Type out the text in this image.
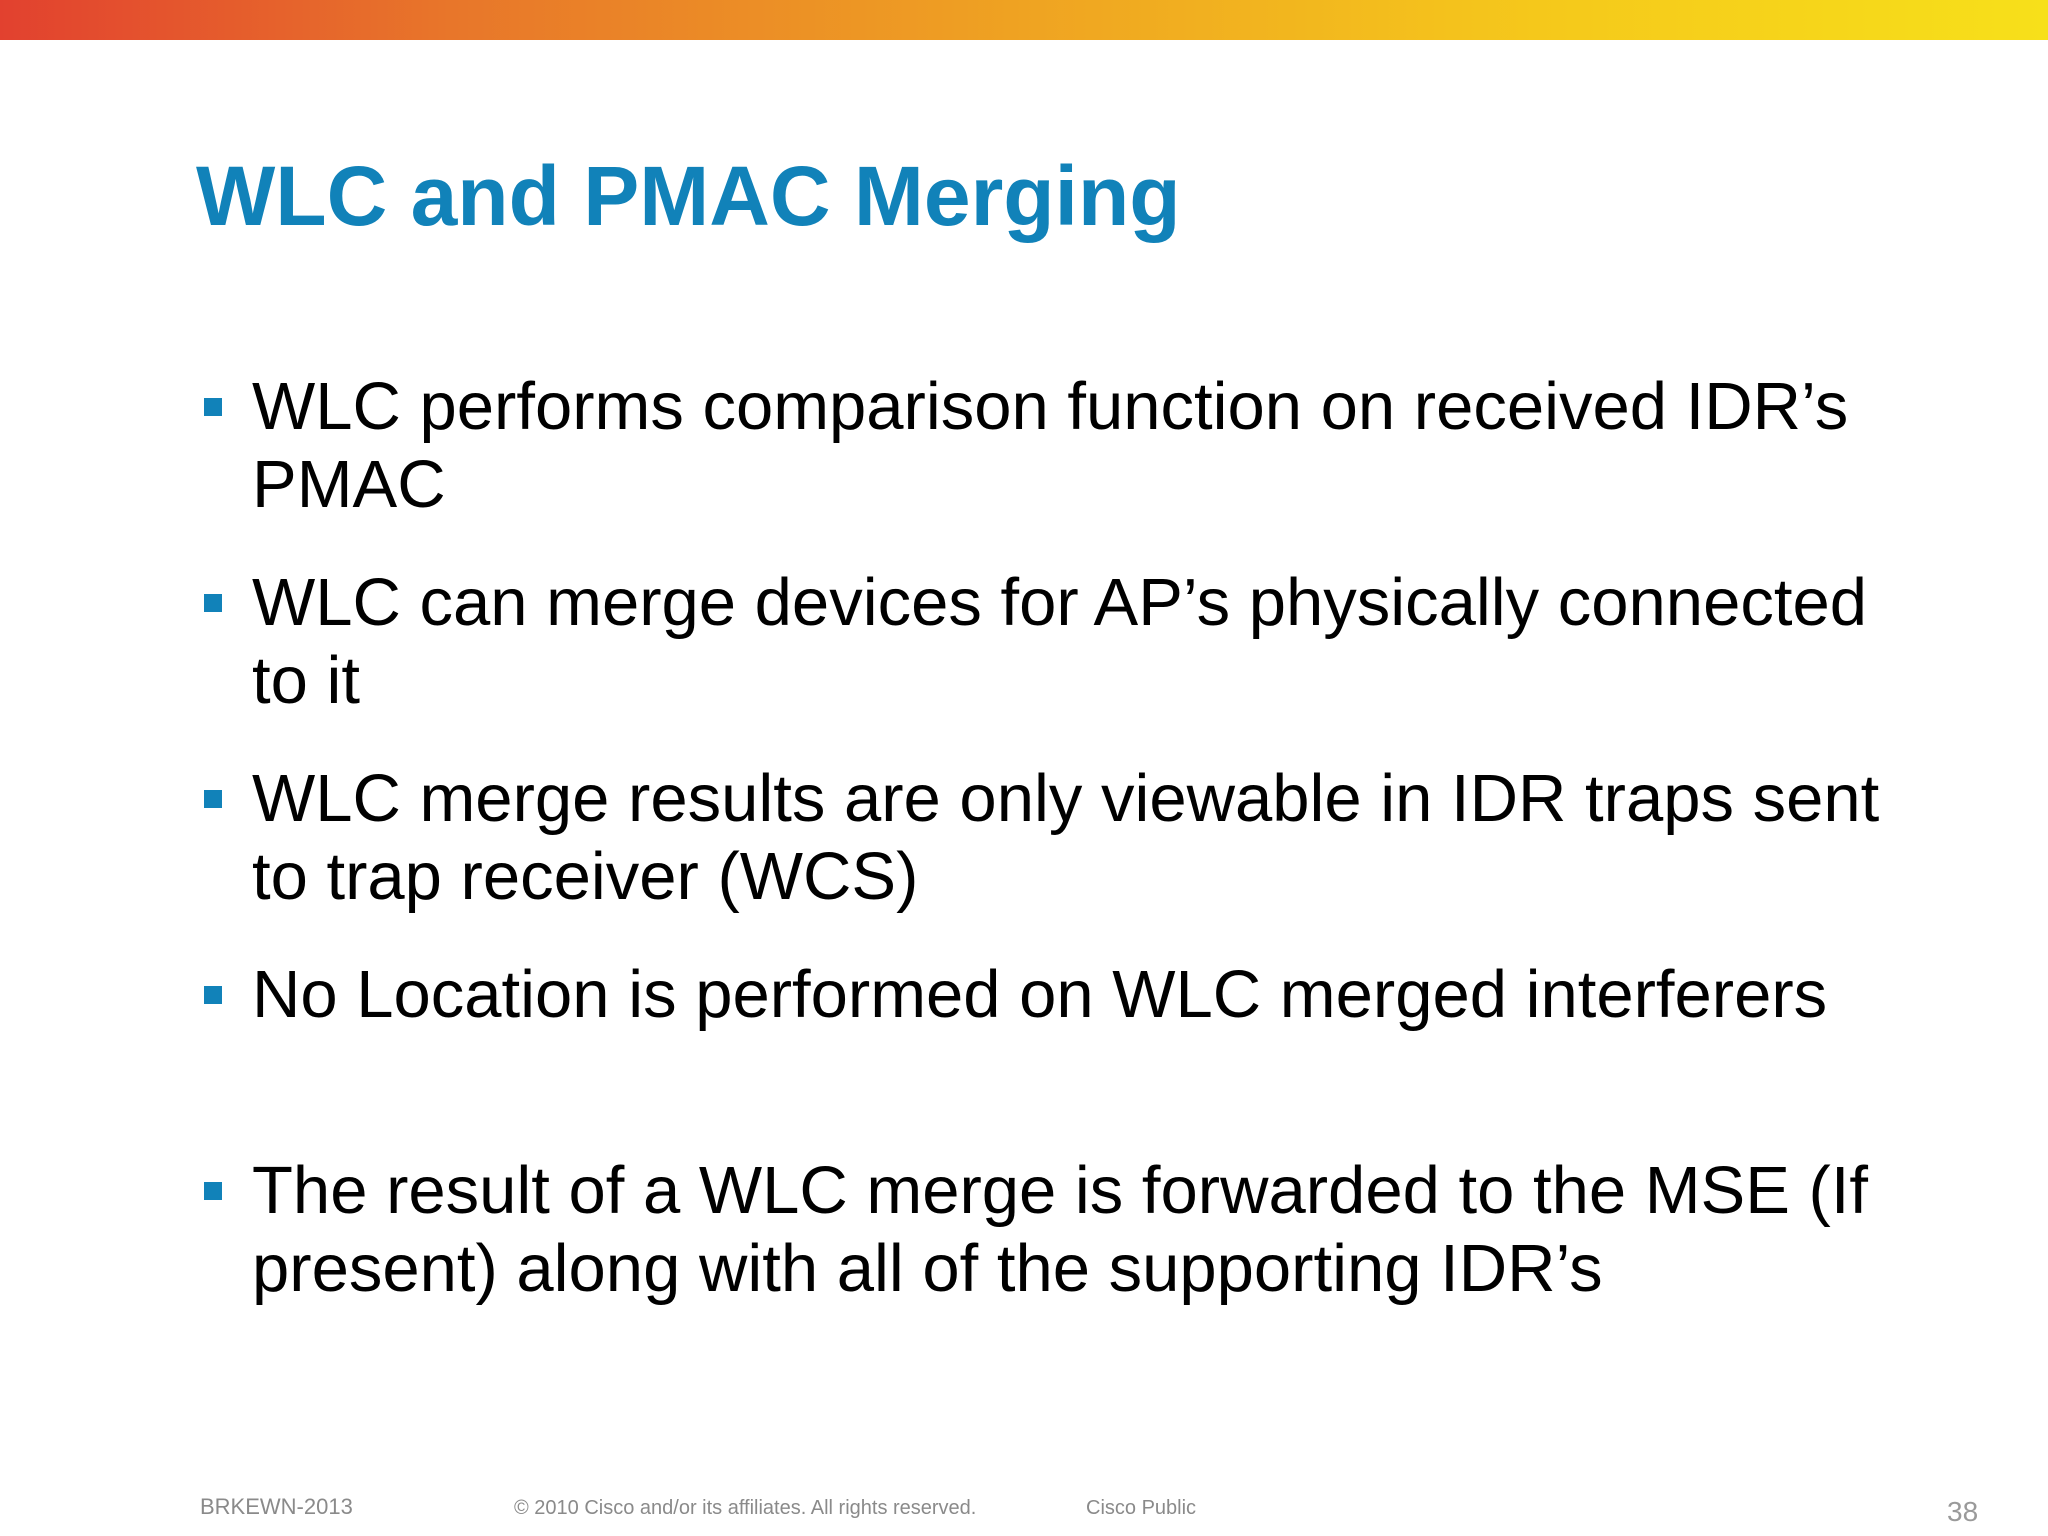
WLC and PMAC Merging
WLC performs comparison function on received IDR’s PMAC
WLC can merge devices for AP’s physically connected to it
WLC merge results are only viewable in IDR traps sent to trap receiver (WCS)
No Location is performed on WLC merged interferers
The result of a WLC merge is forwarded to the MSE (If present) along with all of the supporting IDR’s
BRKEWN-2013	© 2010 Cisco and/or its affiliates. All rights reserved.	Cisco Public	38
